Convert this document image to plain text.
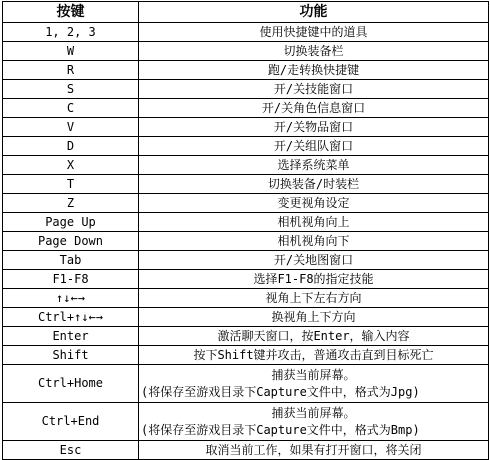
按键	功能
1, 2, 3	使用快捷键中的道具

W	切换装备栏

R	跑/走转换快捷键

S	开/关技能窗口

C	开/关角色信息窗口

V	开/关物品窗口

D	开/关组队窗口

X	选择系统菜单

T	切换装备/时装栏

Z	变更视角设定

Page Up	相机视角向上

Page Down	相机视角向下

Tab	开/关地图窗口

F1-F8	选择F1-F8的指定技能

↑↓←→	视角上下左右方向

Ctrl+↑↓←→	换视角上下方向

Enter	激活聊天窗口，按Enter，输入内容

Shift	按下Shift键并攻击，普通攻击直到目标死亡

Ctrl+Home	捕获当前屏幕。
(将保存至游戏目录下Capture文件中，格式为Jpg)

Ctrl+End	捕获当前屏幕。
(将保存至游戏目录下Capture文件中，格式为Bmp)

Esc	取消当前工作，如果有打开窗口，将关闭
